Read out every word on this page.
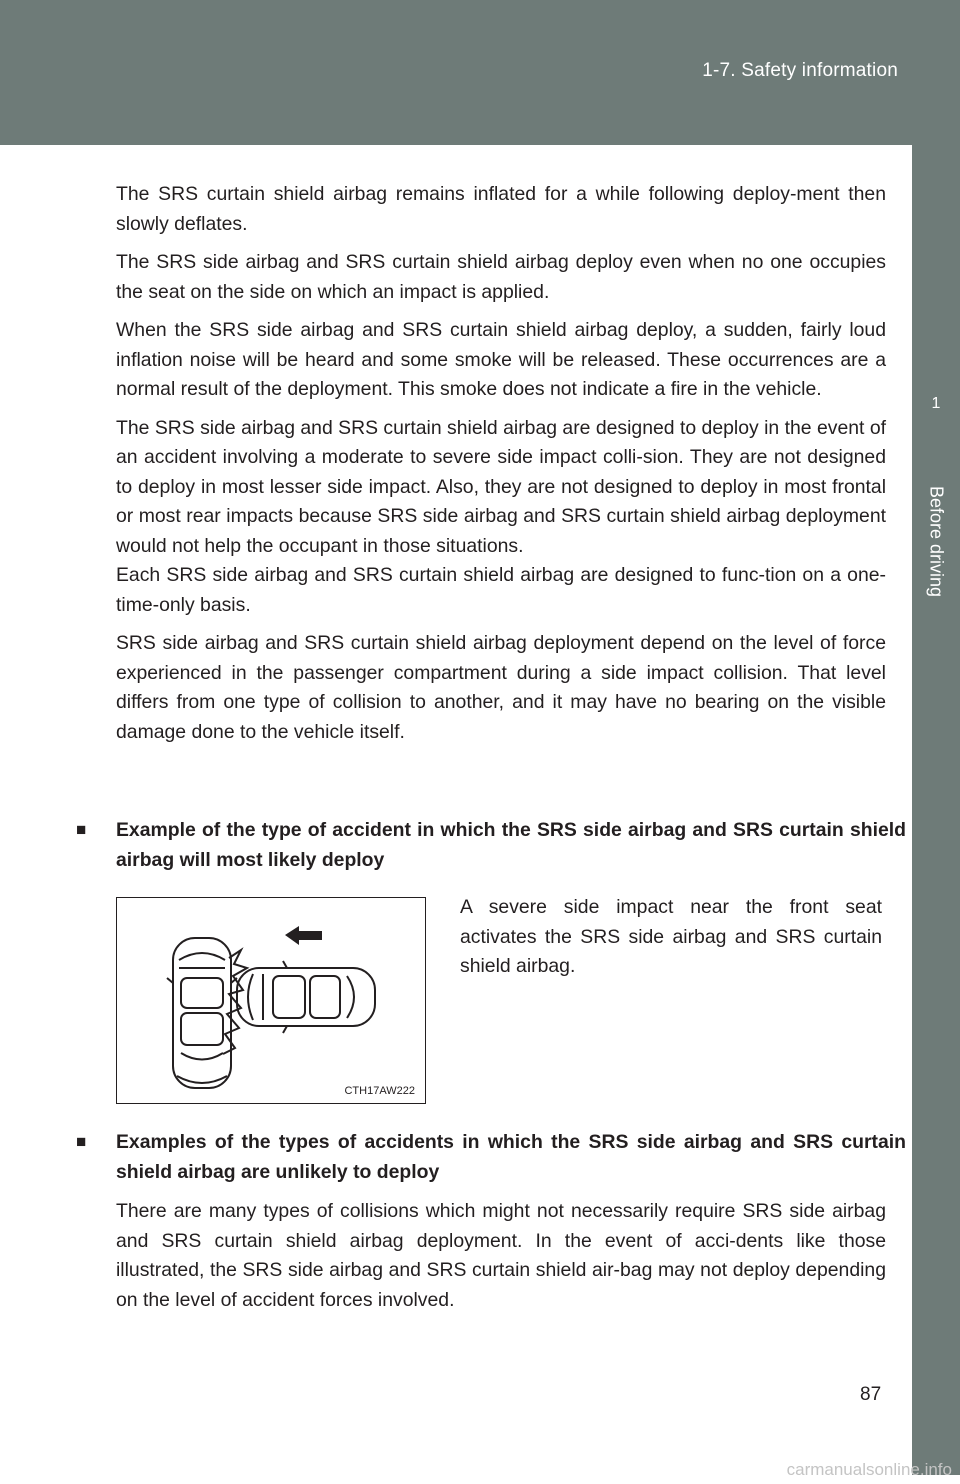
1-7. Safety information
1
Before driving

The SRS curtain shield airbag remains inflated for a while following deploy-ment then slowly deflates.

The SRS side airbag and SRS curtain shield airbag deploy even when no one occupies the seat on the side on which an impact is applied.

When the SRS side airbag and SRS curtain shield airbag deploy, a sudden, fairly loud inflation noise will be heard and some smoke will be released. These occurrences are a normal result of the deployment. This smoke does not indicate a fire in the vehicle.

The SRS side airbag and SRS curtain shield airbag are designed to deploy in the event of an accident involving a moderate to severe side impact colli-sion. They are not designed to deploy in most lesser side impact. Also, they are not designed to deploy in most frontal or most rear impacts because SRS side airbag and SRS curtain shield airbag deployment would not help the occupant in those situations.

Each SRS side airbag and SRS curtain shield airbag are designed to func-tion on a one-time-only basis.

SRS side airbag and SRS curtain shield airbag deployment depend on the level of force experienced in the passenger compartment during a side impact collision. That level differs from one type of collision to another, and it may have no bearing on the visible damage done to the vehicle itself.

■ Example of the type of accident in which the SRS side airbag and SRS curtain shield airbag will most likely deploy
CTH17AW222
A severe side impact near the front seat activates the SRS side airbag and SRS curtain shield airbag.
■ Examples of the types of accidents in which the SRS side airbag and SRS curtain shield airbag are unlikely to deploy
There are many types of collisions which might not necessarily require SRS side airbag and SRS curtain shield airbag deployment. In the event of acci-dents like those illustrated, the SRS side airbag and SRS curtain shield air-bag may not deploy depending on the level of accident forces involved.
87
carmanualsonline.info
